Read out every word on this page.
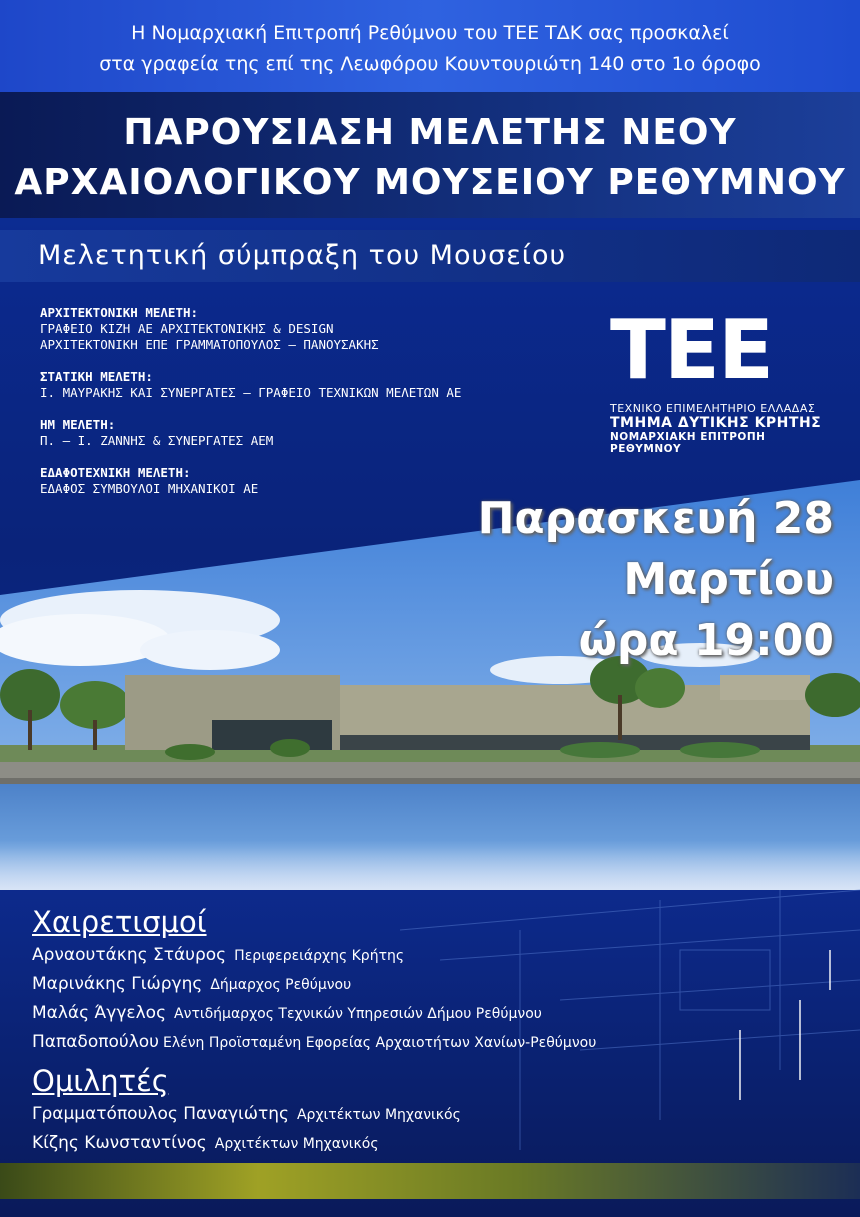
Η Νομαρχιακή Επιτροπή Ρεθύμνου του ΤΕΕ ΤΔΚ σας προσκαλεί
στα γραφεία της επί της Λεωφόρου Κουντουριώτη 140 στο 1ο όροφο
ΠΑΡΟΥΣΙΑΣΗ ΜΕΛΕΤΗΣ ΝΕΟΥ
ΑΡΧΑΙΟΛΟΓΙΚΟΥ ΜΟΥΣΕΙΟΥ ΡΕΘΥΜΝΟΥ
Μελετητική σύμπραξη του Μουσείου
ΑΡΧΙΤΕΚΤΟΝΙΚΗ ΜΕΛΕΤΗ:
ΓΡΑΦΕΙΟ ΚΙΖΗ ΑΕ ΑΡΧΙΤΕΚΤΟΝΙΚΗΣ & DESIGN
ΑΡΧΙΤΕΚΤΟΝΙΚΗ ΕΠΕ ΓΡΑΜΜΑΤΟΠΟΥΛΟΣ – ΠΑΝΟΥΣΑΚΗΣ
ΣΤΑΤΙΚΗ ΜΕΛΕΤΗ:
Ι. ΜΑΥΡΑΚΗΣ ΚΑΙ ΣΥΝΕΡΓΑΤΕΣ – ΓΡΑΦΕΙΟ ΤΕΧΝΙΚΩΝ ΜΕΛΕΤΩΝ ΑΕ
ΗΜ ΜΕΛΕΤΗ:
Π. – Ι. ΖΑΝΝΗΣ & ΣΥΝΕΡΓΑΤΕΣ ΑΕΜ
ΕΔΑΦΟΤΕΧΝΙΚΗ ΜΕΛΕΤΗ:
ΕΔΑΦΟΣ ΣΥΜΒΟΥΛΟΙ ΜΗΧΑΝΙΚΟΙ ΑΕ
ΤΕΕ
ΤΕΧΝΙΚΟ ΕΠΙΜΕΛΗΤΗΡΙΟ ΕΛΛΑΔΑΣ
ΤΜΗΜΑ ΔΥΤΙΚΗΣ ΚΡΗΤΗΣ
ΝΟΜΑΡΧΙΑΚΗ ΕΠΙΤΡΟΠΗ ΡΕΘΥΜΝΟΥ
Παρασκευή 28
Μαρτίου
ώρα 19:00
Χαιρετισμοί
Αρναουτάκης Στάυρος Περιφερειάρχης Κρήτης
Μαρινάκης Γιώργης Δήμαρχος Ρεθύμνου
Μαλάς Άγγελος Αντιδήμαρχος Τεχνικών Υπηρεσιών Δήμου Ρεθύμνου
Παπαδοπούλου Ελένη Προϊσταμένη Εφορείας Αρχαιοτήτων Χανίων-Ρεθύμνου
Ομιλητές
Γραμματόπουλος Παναγιώτης Αρχιτέκτων Μηχανικός
Κίζης Κωνσταντίνος Αρχιτέκτων Μηχανικός
